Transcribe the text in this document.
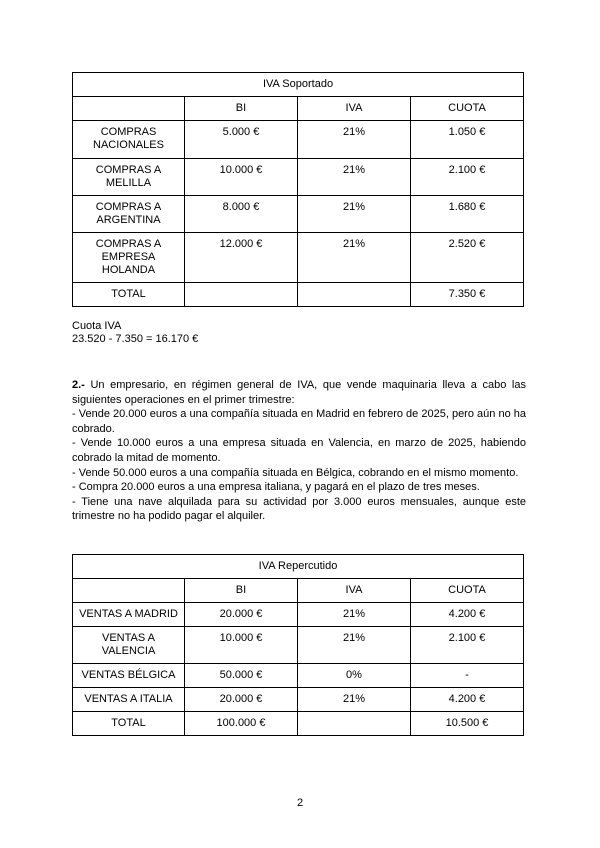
IVA Soportado			
	BI	IVA	CUOTA
COMPRAS NACIONALES	5.000 €	21%	1.050 €
COMPRAS A MELILLA	10.000 €	21%	2.100 €
COMPRAS A ARGENTINA	8.000 €	21%	1.680 €
COMPRAS A EMPRESA HOLANDA	12.000 €	21%	2.520 €
TOTAL			7.350 €
Cuota IVA
23.520 - 7.350 = 16.170 €

2.- Un empresario, en régimen general de IVA, que vende maquinaria lleva a cabo las siguientes operaciones en el primer trimestre:

- Vende 20.000 euros a una compañía situada en Madrid en febrero de 2025, pero aún no ha cobrado.

- Vende 10.000 euros a una empresa situada en Valencia, en marzo de 2025, habiendo cobrado la mitad de momento.

- Vende 50.000 euros a una compañía situada en Bélgica, cobrando en el mismo momento.

- Compra 20.000 euros a una empresa italiana, y pagará en el plazo de tres meses.

- Tiene una nave alquilada para su actividad por 3.000 euros mensuales, aunque este trimestre no ha podido pagar el alquiler.

IVA Repercutido			
	BI	IVA	CUOTA
VENTAS A MADRID	20.000 €	21%	4.200 €
VENTAS A VALENCIA	10.000 €	21%	2.100 €
VENTAS BÉLGICA	50.000 €	0%	-
VENTAS A ITALIA	20.000 €	21%	4.200 €
TOTAL	100.000 €		10.500 €
2
